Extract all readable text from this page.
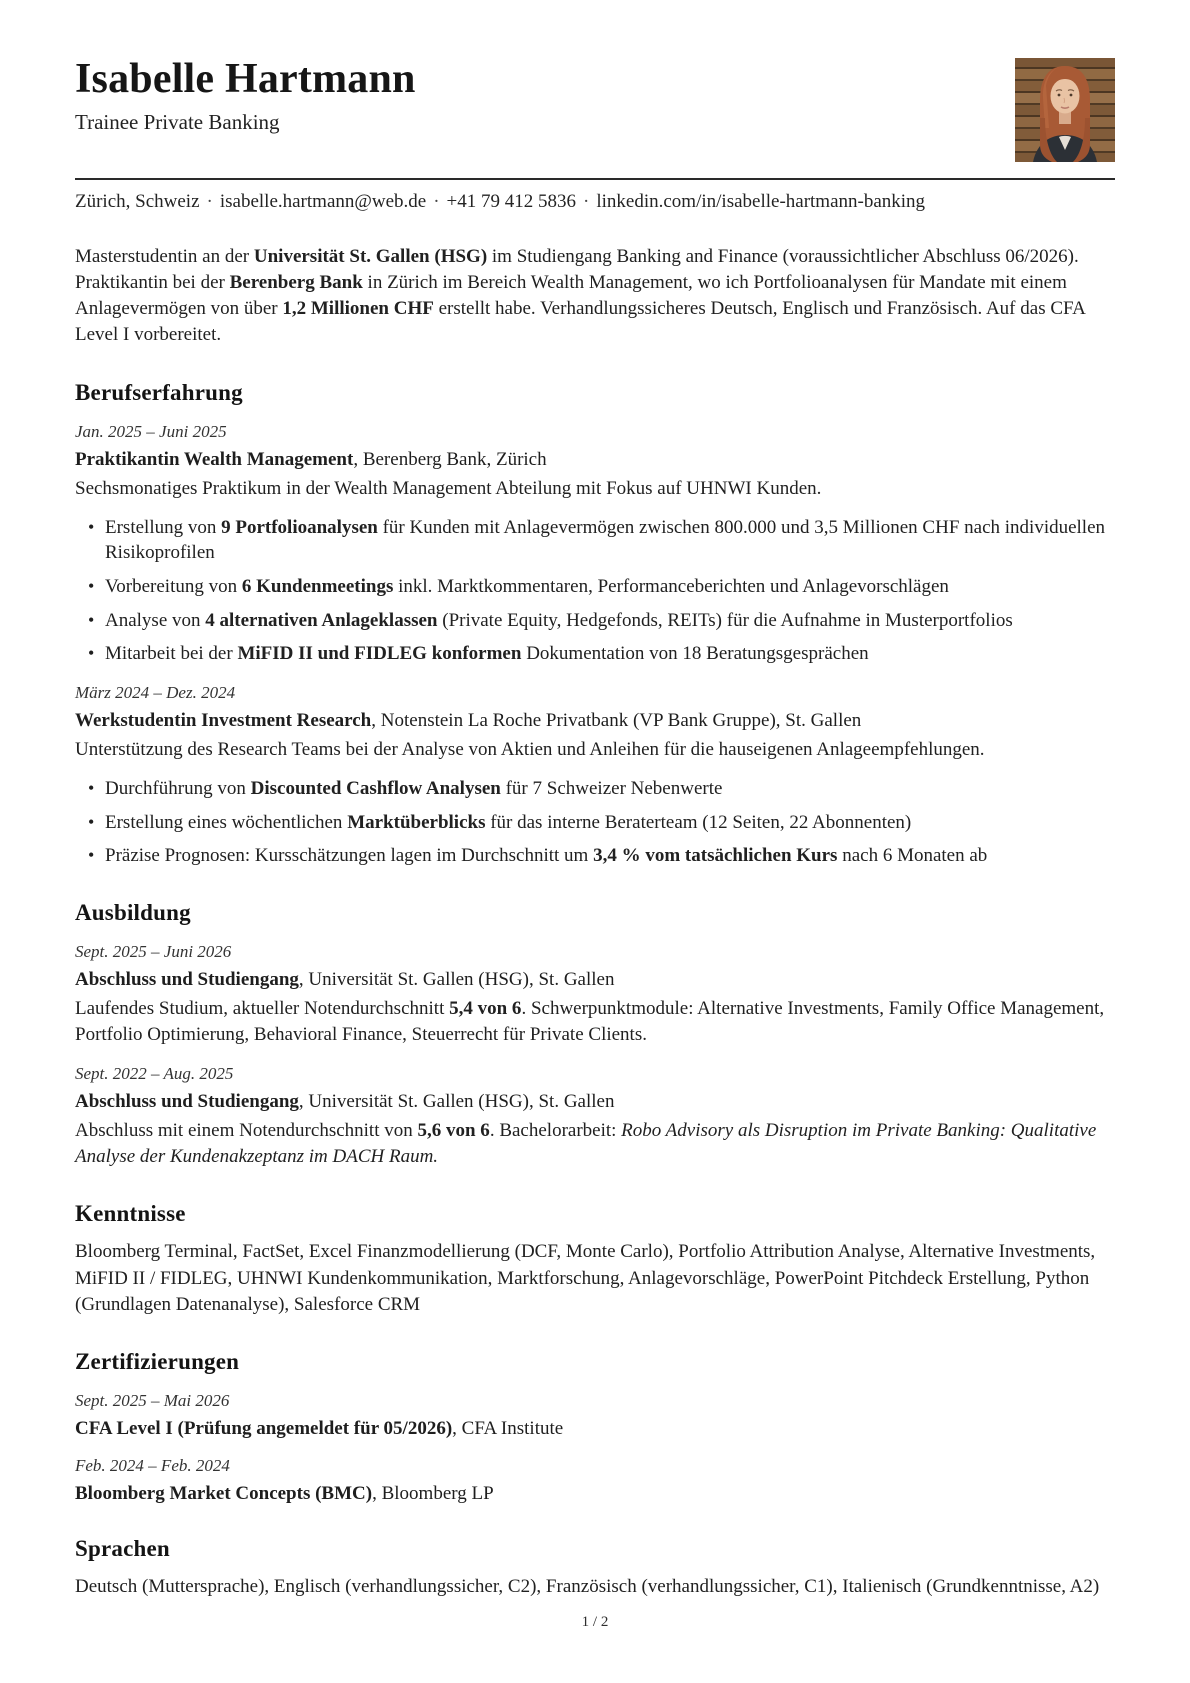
Isabelle Hartmann
Trainee Private Banking
Zürich, Schweiz · isabelle.hartmann@web.de · +41 79 412 5836 · linkedin.com/in/isabelle-hartmann-banking

Masterstudentin an der Universität St. Gallen (HSG) im Studiengang Banking and Finance (voraussichtlicher Abschluss 06/2026). Praktikantin bei der Berenberg Bank in Zürich im Bereich Wealth Management, wo ich Portfolioanalysen für Mandate mit einem Anlagevermögen von über 1,2 Millionen CHF erstellt habe. Verhandlungssicheres Deutsch, Englisch und Französisch. Auf das CFA Level I vorbereitet.

Berufserfahrung
Jan. 2025 – Juni 2025
Praktikantin Wealth Management, Berenberg Bank, Zürich
Sechsmonatiges Praktikum in der Wealth Management Abteilung mit Fokus auf UHNWI Kunden.
• Erstellung von 9 Portfolioanalysen für Kunden mit Anlagevermögen zwischen 800.000 und 3,5 Millionen CHF nach individuellen Risikoprofilen
• Vorbereitung von 6 Kundenmeetings inkl. Marktkommentaren, Performanceberichten und Anlagevorschlägen
• Analyse von 4 alternativen Anlageklassen (Private Equity, Hedgefonds, REITs) für die Aufnahme in Musterportfolios
• Mitarbeit bei der MiFID II und FIDLEG konformen Dokumentation von 18 Beratungsgesprächen
März 2024 – Dez. 2024
Werkstudentin Investment Research, Notenstein La Roche Privatbank (VP Bank Gruppe), St. Gallen
Unterstützung des Research Teams bei der Analyse von Aktien und Anleihen für die hauseigenen Anlageempfehlungen.
• Durchführung von Discounted Cashflow Analysen für 7 Schweizer Nebenwerte
• Erstellung eines wöchentlichen Marktüberblicks für das interne Beraterteam (12 Seiten, 22 Abonnenten)
• Präzise Prognosen: Kursschätzungen lagen im Durchschnitt um 3,4 % vom tatsächlichen Kurs nach 6 Monaten ab
Ausbildung
Sept. 2025 – Juni 2026
Abschluss und Studiengang, Universität St. Gallen (HSG), St. Gallen
Laufendes Studium, aktueller Notendurchschnitt 5,4 von 6. Schwerpunktmodule: Alternative Investments, Family Office Management, Portfolio Optimierung, Behavioral Finance, Steuerrecht für Private Clients.
Sept. 2022 – Aug. 2025
Abschluss und Studiengang, Universität St. Gallen (HSG), St. Gallen
Abschluss mit einem Notendurchschnitt von 5,6 von 6. Bachelorarbeit: Robo Advisory als Disruption im Private Banking: Qualitative Analyse der Kundenakzeptanz im DACH Raum.
Kenntnisse

Bloomberg Terminal, FactSet, Excel Finanzmodellierung (DCF, Monte Carlo), Portfolio Attribution Analyse, Alternative Investments, MiFID II / FIDLEG, UHNWI Kundenkommunikation, Marktforschung, Anlagevorschläge, PowerPoint Pitchdeck Erstellung, Python (Grundlagen Datenanalyse), Salesforce CRM

Zertifizierungen
Sept. 2025 – Mai 2026
CFA Level I (Prüfung angemeldet für 05/2026), CFA Institute
Feb. 2024 – Feb. 2024
Bloomberg Market Concepts (BMC), Bloomberg LP
Sprachen

Deutsch (Muttersprache), Englisch (verhandlungssicher, C2), Französisch (verhandlungssicher, C1), Italienisch (Grundkenntnisse, A2)

1 / 2
